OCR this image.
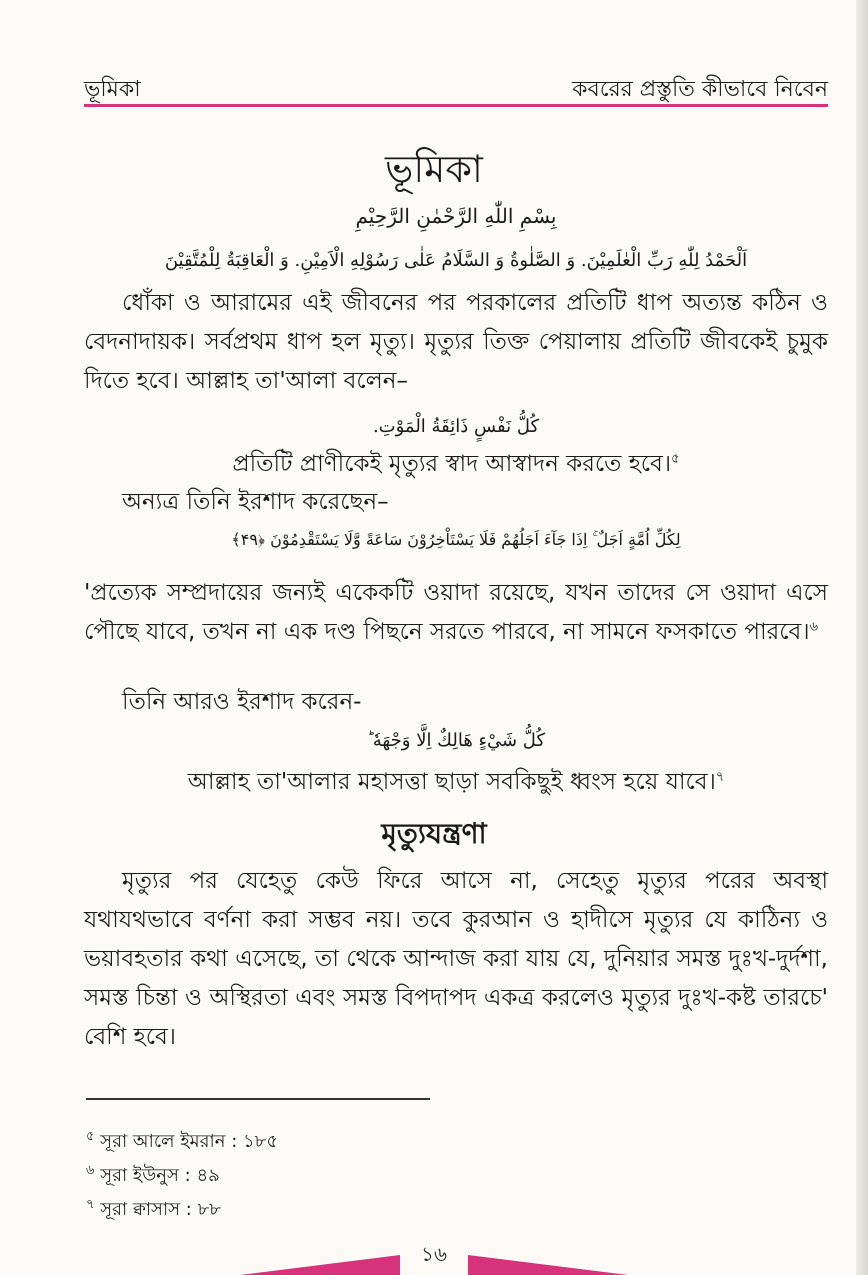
ভূমিকা	কবরের প্রস্তুতি কীভাবে নিবেন
ভূমিকা
بِسْمِ اللّٰهِ الرَّحْمٰنِ الرَّحِيْمِ
اَلْحَمْدُ لِلّٰهِ رَبِّ الْعٰلَمِيْنَ. وَ الصَّلٰوةُ وَ السَّلَامُ عَلٰى رَسُوْلِهِ الْاَمِيْنِ. وَ الْعَاقِبَةُ لِلْمُتَّقِيْنَ
ধোঁকা ও আরামের এই জীবনের পর পরকালের প্রতিটি ধাপ অত্যন্ত কঠিন ও বেদনাদায়ক। সর্বপ্রথম ধাপ হল মৃত্যু। মৃত্যুর তিক্ত পেয়ালায় প্রতিটি জীবকেই চুমুক দিতে হবে। আল্লাহ তা'আলা বলেন–
كُلُّ نَفْسٍ ذَائِقَةُ الْمَوْتِ.
প্রতিটি প্রাণীকেই মৃত্যুর স্বাদ আস্বাদন করতে হবে।$^৫$
অন্যত্র তিনি ইরশাদ করেছেন–
لِكُلِّ اُمَّةٍ اَجَلٌ ۚ اِذَا جَآءَ اَجَلُهُمْ فَلَا يَسْتَاْخِرُوْنَ سَاعَةً وَّلَا يَسْتَقْدِمُوْنَ ﴿۴۹﴾
'প্রত্যেক সম্প্রদায়ের জন্যই একেকটি ওয়াদা রয়েছে, যখন তাদের সে ওয়াদা এসে পৌছে যাবে, তখন না এক দণ্ড পিছনে সরতে পারবে, না সামনে ফসকাতে পারবে।$^৬$
তিনি আরও ইরশাদ করেন-
كُلُّ شَيْءٍ هَالِكٌ اِلَّا وَجْهَهٗ ؕ
আল্লাহ তা'আলার মহাসত্তা ছাড়া সবকিছুই ধ্বংস হয়ে যাবে।$^৭$
মৃত্যুযন্ত্রণা
মৃত্যুর পর যেহেতু কেউ ফিরে আসে না, সেহেতু মৃত্যুর পরের অবস্থা যথাযথভাবে বর্ণনা করা সম্ভব নয়। তবে কুরআন ও হাদীসে মৃত্যুর যে কাঠিন্য ও ভয়াবহতার কথা এসেছে, তা থেকে আন্দাজ করা যায় যে, দুনিয়ার সমস্ত দুঃখ-দুর্দশা, সমস্ত চিন্তা ও অস্থিরতা এবং সমস্ত বিপদাপদ একত্র করলেও মৃত্যুর দুঃখ-কষ্ট তারচে' বেশি হবে।
$^৫$ সূরা আলে ইমরান : ১৮৫
$^৬$ সূরা ইউনুস : ৪৯
$^৭$ সূরা ক্বাসাস : ৮৮
১৬
